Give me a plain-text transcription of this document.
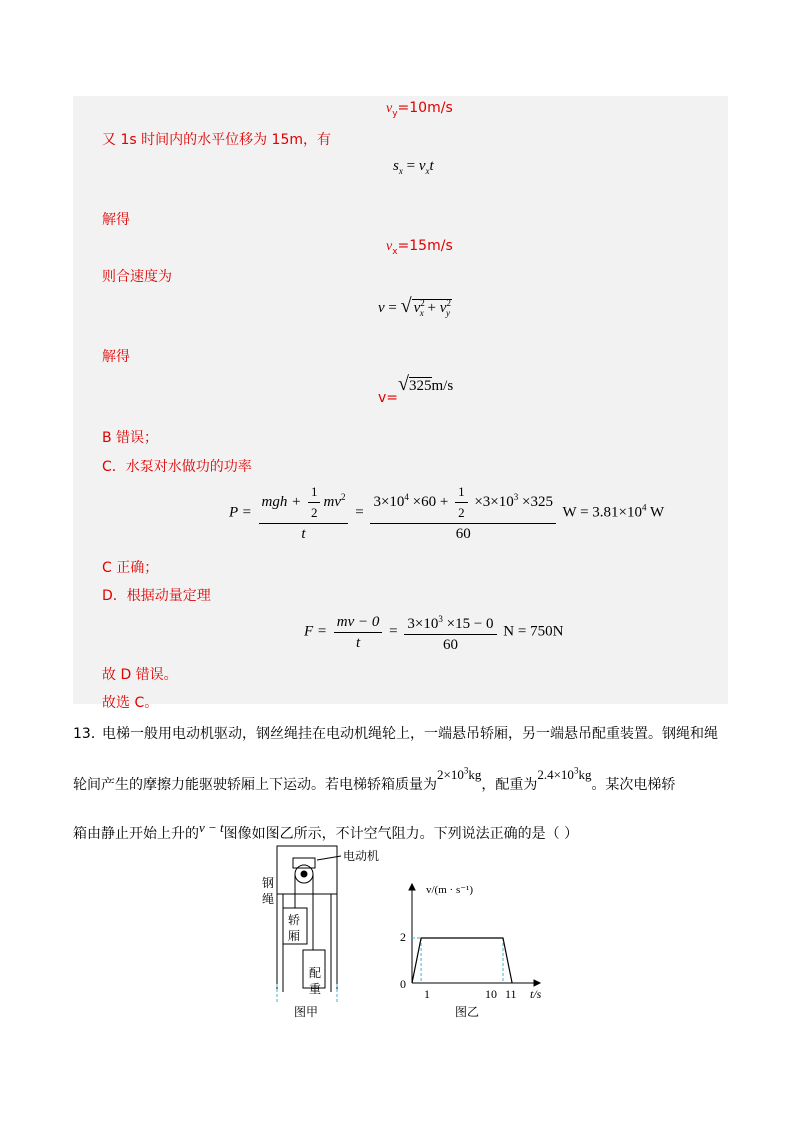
$v_y=10m/s$
又 1s 时间内的水平位移为 15m，有
$s_x = v_xt$
解得
$v_x=15m/s$
则合速度为
v = √ $v^2_x + v^2_y$
解得
v=√325m/s
B 错误；
C．水泵对水做功的功率
$P = \frac{mgh + \frac{1}{2} mv^2}{t} = \frac{3\times 10^4 \times 60 + \frac{1}{2} \times 3\times 10^3 \times 325}{60}$ $W = 3.81\times 10^4$ W
C 正确；
D．根据动量定理
$F = \frac{mv - 0}{t} = \frac{3\times 10^3 \times 15 - 0}{60}$ N = 750N
故 D 错误。
故选 C。
13．
电梯一般用电动机驱动，钢丝绳挂在电动机绳轮上，一端悬吊轿厢，另一端悬吊配重装置。钢绳和绳
轮间产生的摩擦力能驱驶轿厢上下运动。若电梯轿箱质量为$2\times 10^3kg$，配重为$2.4\times 10^3kg$。某次电梯轿
箱由静止开始上升的v − t图像如图乙所示，不计空气阻力。下列说法正确的是（ ）
电动机
钢
绳
轿
厢
配
重
图甲
0
2
1	10 11 t/s
v/(m · s⁻¹)
图乙
